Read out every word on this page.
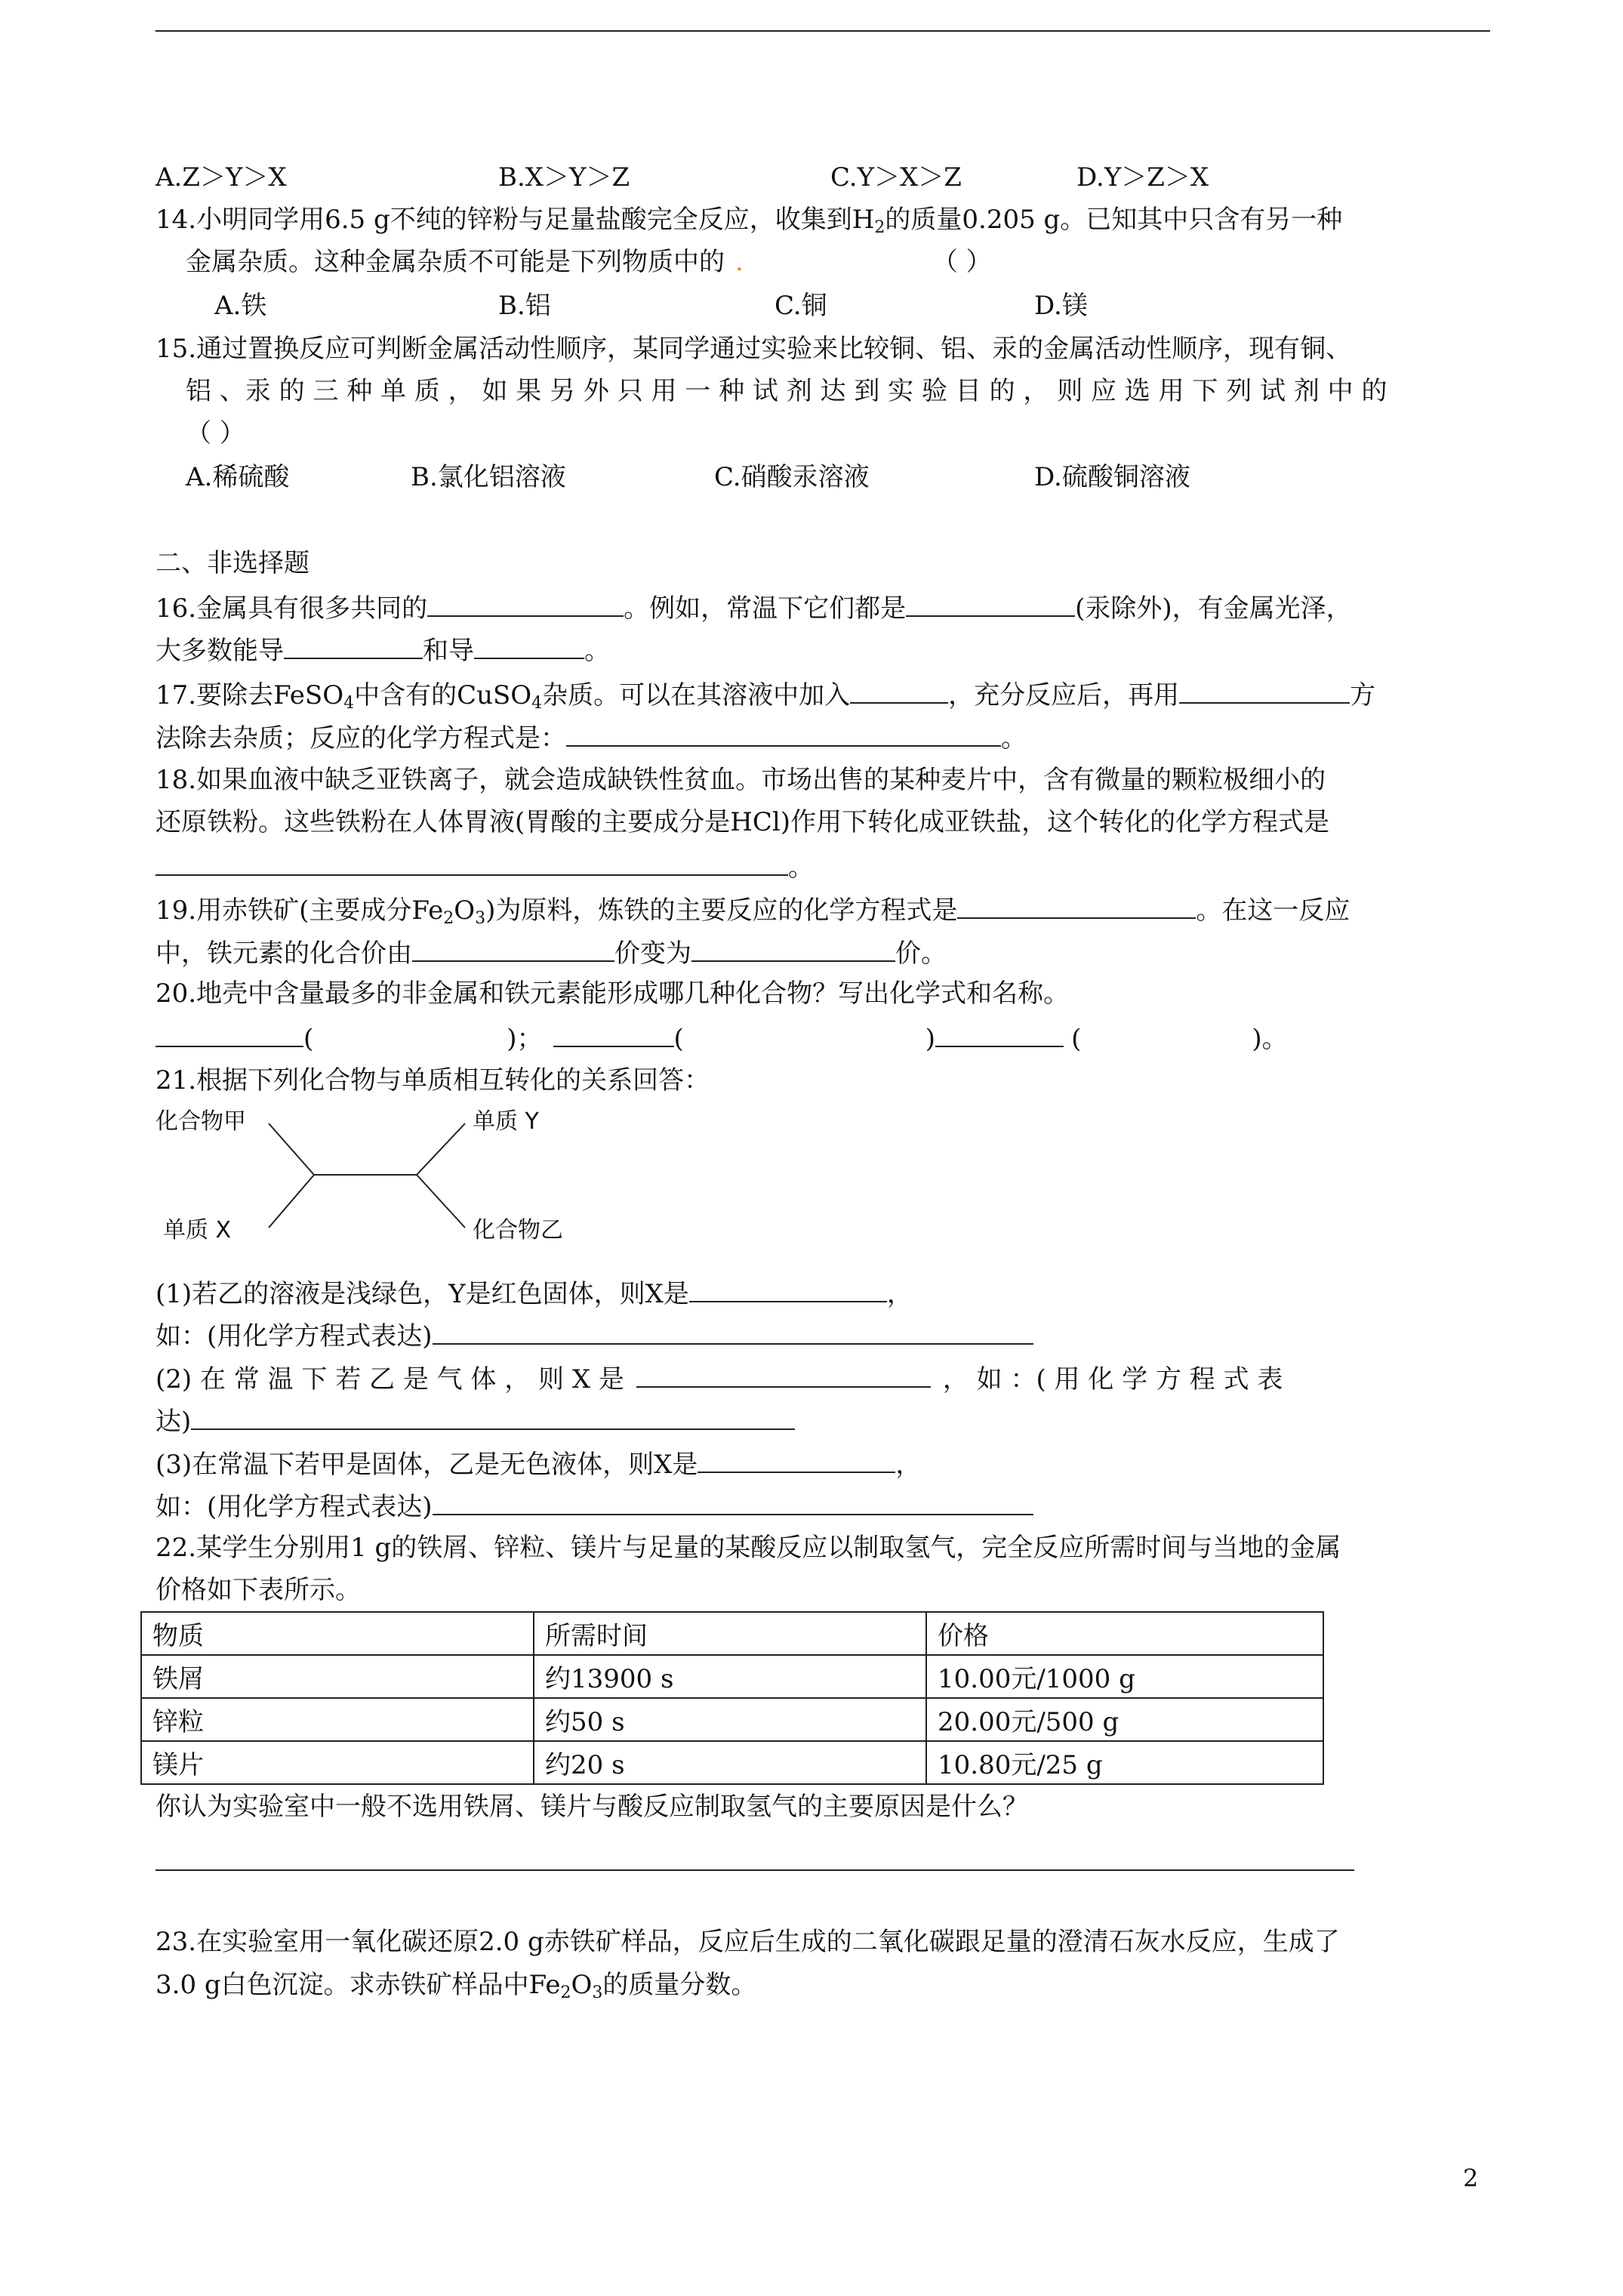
A.Z＞Y＞X	B.X＞Y＞Z	C.Y＞X＞Z	D.Y＞Z＞X
14.小明同学用6.5 g不纯的锌粉与足量盐酸完全反应，收集到$H_2$的质量0.205 g。已知其中只含有另一种
金属杂质。这种金属杂质不可能是下列物质中的 .	（ ）
A.铁	B.铝	C.铜	D.镁
15.通过置换反应可判断金属活动性顺序，某同学通过实验来比较铜、铝、汞的金属活动性顺序，现有铜、
铝 、汞 的 三 种 单 质 ， 如 果 另 外 只 用 一 种 试 剂 达 到 实 验 目 的 ， 则 应 选 用 下 列 试 剂 中 的
（ ）
A.稀硫酸	B.氯化铝溶液	C.硝酸汞溶液	D.硫酸铜溶液
二、非选择题
16.金属具有很多共同的	。例如，常温下它们都是	(汞除外)，有金属光泽，
大多数能导	和导	。
17.要除去FeSO$_4$中含有的CuSO$_4$杂质。可以在其溶液中加入	，充分反应后，再用	方
法除去杂质；反应的化学方程式是：	。
18.如果血液中缺乏亚铁离子，就会造成缺铁性贫血。市场出售的某种麦片中，含有微量的颗粒极细小的
还原铁粉。这些铁粉在人体胃液(胃酸的主要成分是HCl)作用下转化成亚铁盐，这个转化的化学方程式是
。
19.用赤铁矿(主要成分$Fe_2O_3$)为原料，炼铁的主要反应的化学方程式是	。在这一反应
中，铁元素的化合价由	价变为	价。
20.地壳中含量最多的非金属和铁元素能形成哪几种化合物？写出化学式和名称。
(	)；	(	)	(	)。
21.根据下列化合物与单质相互转化的关系回答：
化合物甲	单质 Y
单质 X	化合物乙
(1)若乙的溶液是浅绿色，Y是红色固体，则X是	，
如：(用化学方程式表达)
(2) 在 常 温 下 若 乙 是 气 体 ， 则 X 是	， 如 ：( 用 化 学 方 程 式 表
达)
(3)在常温下若甲是固体，乙是无色液体，则X是	，
如：(用化学方程式表达)
22.某学生分别用1 g的铁屑、锌粒、镁片与足量的某酸反应以制取氢气，完全反应所需时间与当地的金属
价格如下表所示。
物质	所需时间	价格
铁屑	约13900 s	10.00元/1000 g
锌粒	约50 s	20.00元/500 g
镁片	约20 s	10.80元/25 g
你认为实验室中一般不选用铁屑、镁片与酸反应制取氢气的主要原因是什么？
23.在实验室用一氧化碳还原2.0 g赤铁矿样品，反应后生成的二氧化碳跟足量的澄清石灰水反应，生成了
3.0 g白色沉淀。求赤铁矿样品中$Fe_2O_3$的质量分数。
2
